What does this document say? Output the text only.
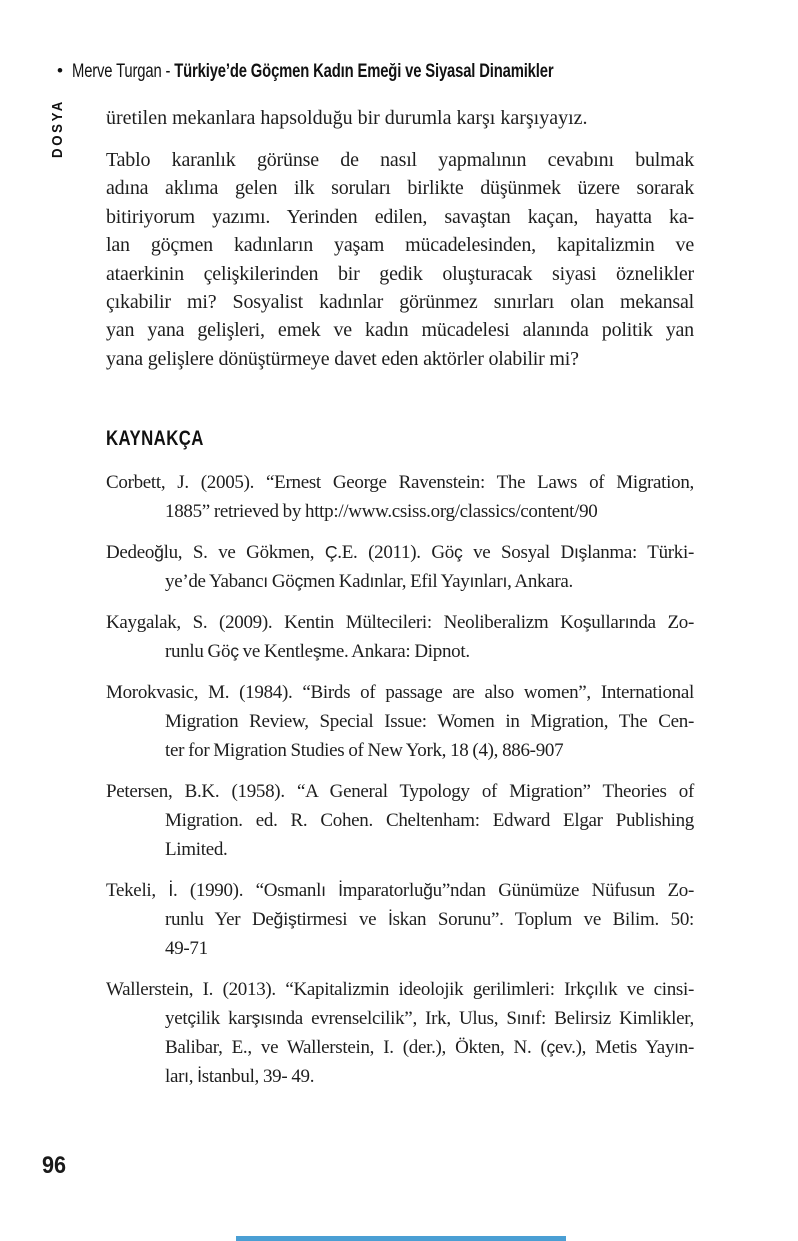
• Merve Turgan - Türkiye’de Göçmen Kadın Emeği ve Siyasal Dinamikler
DOSYA üretilen mekanlara hapsolduğu bir durumla karşı karşıyayız.
Tablo karanlık görünse de nasıl yapmalının cevabını bulmak
adına aklıma gelen ilk soruları birlikte düşünmek üzere sorarak
bitiriyorum yazımı. Yerinden edilen, savaştan kaçan, hayatta ka-
lan göçmen kadınların yaşam mücadelesinden, kapitalizmin ve
ataerkinin çelişkilerinden bir gedik oluşturacak siyasi öznelikler
çıkabilir mi? Sosyalist kadınlar görünmez sınırları olan mekansal
yan yana gelişleri, emek ve kadın mücadelesi alanında politik yan
yana gelişlere dönüştürmeye davet eden aktörler olabilir mi?
KAYNAKÇA
Corbett, J. (2005). “Ernest George Ravenstein: The Laws of Migration,
1885” retrieved by http://www.csiss.org/classics/content/90
Dedeoğlu, S. ve Gökmen, Ç.E. (2011). Göç ve Sosyal Dışlanma: Türki-
ye’de Yabancı Göçmen Kadınlar, Efil Yayınları, Ankara.
Kaygalak, S. (2009). Kentin Mültecileri: Neoliberalizm Koşullarında Zo-
runlu Göç ve Kentleşme. Ankara: Dipnot.
Morokvasic, M. (1984). “Birds of passage are also women”, International
Migration Review, Special Issue: Women in Migration, The Cen-
ter for Migration Studies of New York, 18 (4), 886-907
Petersen, B.K. (1958). “A General Typology of Migration” Theories of
Migration. ed. R. Cohen. Cheltenham: Edward Elgar Publishing
Limited.
Tekeli, İ. (1990). “Osmanlı İmparatorluğu”ndan Günümüze Nüfusun Zo-
runlu Yer Değiştirmesi ve İskan Sorunu”. Toplum ve Bilim. 50:
49-71
Wallerstein, I. (2013). “Kapitalizmin ideolojik gerilimleri: Irkçılık ve cinsi-
yetçilik karşısında evrenselcilik”, Irk, Ulus, Sınıf: Belirsiz Kimlikler,
Balibar, E., ve Wallerstein, I. (der.), Ökten, N. (çev.), Metis Yayın-
ları, İstanbul, 39- 49.
96
